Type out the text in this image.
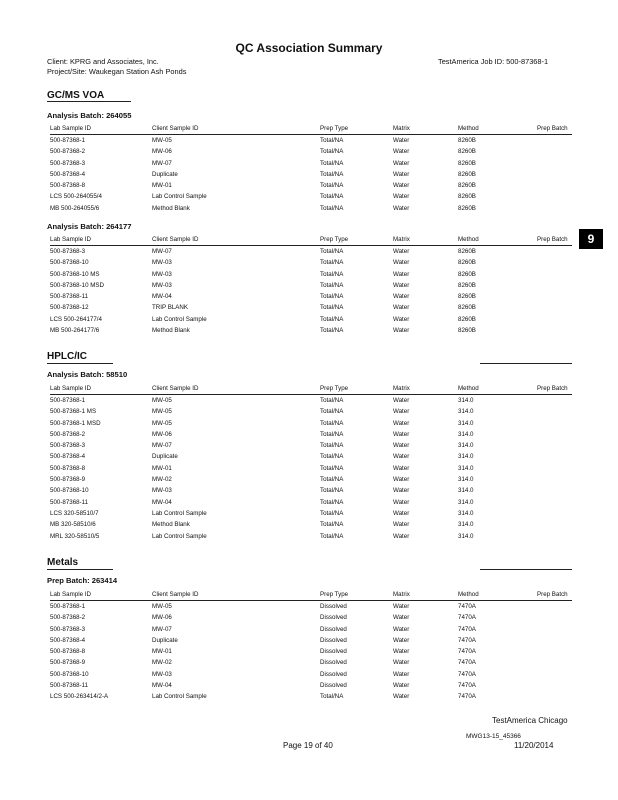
QC Association Summary
Client: KPRG and Associates, Inc.	TestAmerica Job ID: 500-87368-1
Project/Site: Waukegan Station Ash Ponds
9
GC/MS VOA
Analysis Batch: 264055
Lab Sample ID	Client Sample ID	Prep Type	Matrix	Method	Prep Batch
500-87368-1	MW-05	Total/NA	Water	8260B
500-87368-2	MW-06	Total/NA	Water	8260B
500-87368-3	MW-07	Total/NA	Water	8260B
500-87368-4	Duplicate	Total/NA	Water	8260B
500-87368-8	MW-01	Total/NA	Water	8260B
LCS 500-264055/4	Lab Control Sample	Total/NA	Water	8260B
MB 500-264055/6	Method Blank	Total/NA	Water	8260B
Analysis Batch: 264177
Lab Sample ID	Client Sample ID	Prep Type	Matrix	Method	Prep Batch
500-87368-3	MW-07	Total/NA	Water	8260B
500-87368-10	MW-03	Total/NA	Water	8260B
500-87368-10 MS	MW-03	Total/NA	Water	8260B
500-87368-10 MSD	MW-03	Total/NA	Water	8260B
500-87368-11	MW-04	Total/NA	Water	8260B
500-87368-12	TRIP BLANK	Total/NA	Water	8260B
LCS 500-264177/4	Lab Control Sample	Total/NA	Water	8260B
MB 500-264177/6	Method Blank	Total/NA	Water	8260B
HPLC/IC
Analysis Batch: 58510
Lab Sample ID	Client Sample ID	Prep Type	Matrix	Method	Prep Batch
500-87368-1	MW-05	Total/NA	Water	314.0
500-87368-1 MS	MW-05	Total/NA	Water	314.0
500-87368-1 MSD	MW-05	Total/NA	Water	314.0
500-87368-2	MW-06	Total/NA	Water	314.0
500-87368-3	MW-07	Total/NA	Water	314.0
500-87368-4	Duplicate	Total/NA	Water	314.0
500-87368-8	MW-01	Total/NA	Water	314.0
500-87368-9	MW-02	Total/NA	Water	314.0
500-87368-10	MW-03	Total/NA	Water	314.0
500-87368-11	MW-04	Total/NA	Water	314.0
LCS 320-58510/7	Lab Control Sample	Total/NA	Water	314.0
MB 320-58510/6	Method Blank	Total/NA	Water	314.0
MRL 320-58510/5	Lab Control Sample	Total/NA	Water	314.0
Metals
Prep Batch: 263414
Lab Sample ID	Client Sample ID	Prep Type	Matrix	Method	Prep Batch
500-87368-1	MW-05	Dissolved	Water	7470A
500-87368-2	MW-06	Dissolved	Water	7470A
500-87368-3	MW-07	Dissolved	Water	7470A
500-87368-4	Duplicate	Dissolved	Water	7470A
500-87368-8	MW-01	Dissolved	Water	7470A
500-87368-9	MW-02	Dissolved	Water	7470A
500-87368-10	MW-03	Dissolved	Water	7470A
500-87368-11	MW-04	Dissolved	Water	7470A
LCS 500-263414/2-A	Lab Control Sample	Total/NA	Water	7470A
TestAmerica Chicago
MWG13-15_45366
Page 19 of 40	11/20/2014
